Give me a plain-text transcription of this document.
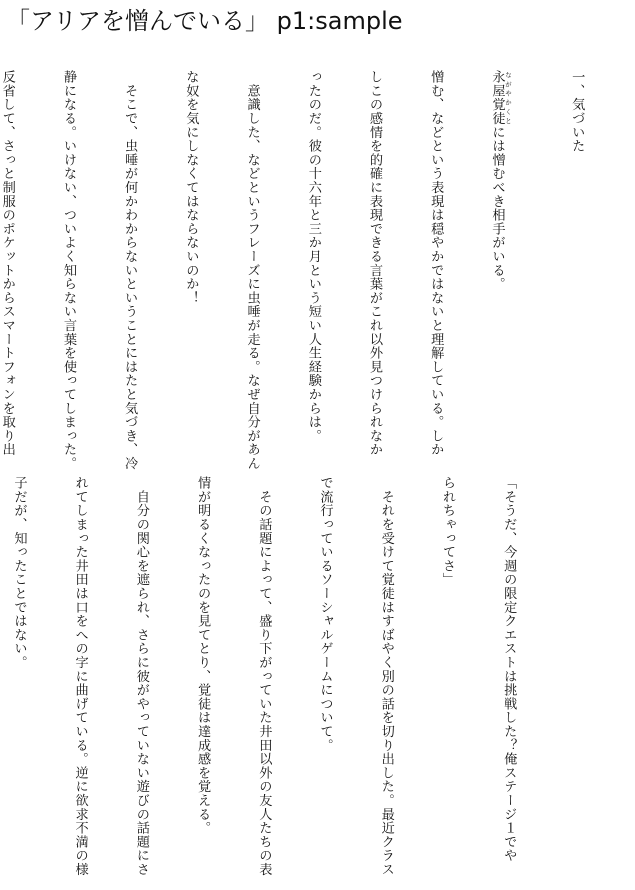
「アリアを憎んでいる」 p1:sample

一、気づいた

永屋覚徒 ながやかくとには憎むべき相手がいる。

憎む、などという表現は穏やかではないと理解している。しか

しこの感情を的確に表現できる言葉がこれ以外見つけられなか

ったのだ。彼の十六年と三か月という短い人生経験からは。

　意識した、などというフレーズに虫唾が走る。なぜ自分があん

な奴を気にしなくてはならないのか！

　そこで、虫唾が何かわからないということにはたと気づき、冷

静になる。いけない、ついよく知らない言葉を使ってしまった。

反省して、さっと制服のポケットからスマートフォンを取り出

「そうだ、今週の限定クエストは挑戦した？俺ステージ１でや

られちゃってさ」

　それを受けて覚徒はすばやく別の話を切り出した。最近クラス

で流行っているソーシャルゲームについて。

　その話題によって、盛り下がっていた井田以外の友人たちの表

情が明るくなったのを見てとり、覚徒は達成感を覚える。

　自分の関心を遮られ、さらに彼がやっていない遊びの話題にさ

れてしまった井田は口をへの字に曲げている。逆に欲求不満の様

子だが、知ったことではない。
